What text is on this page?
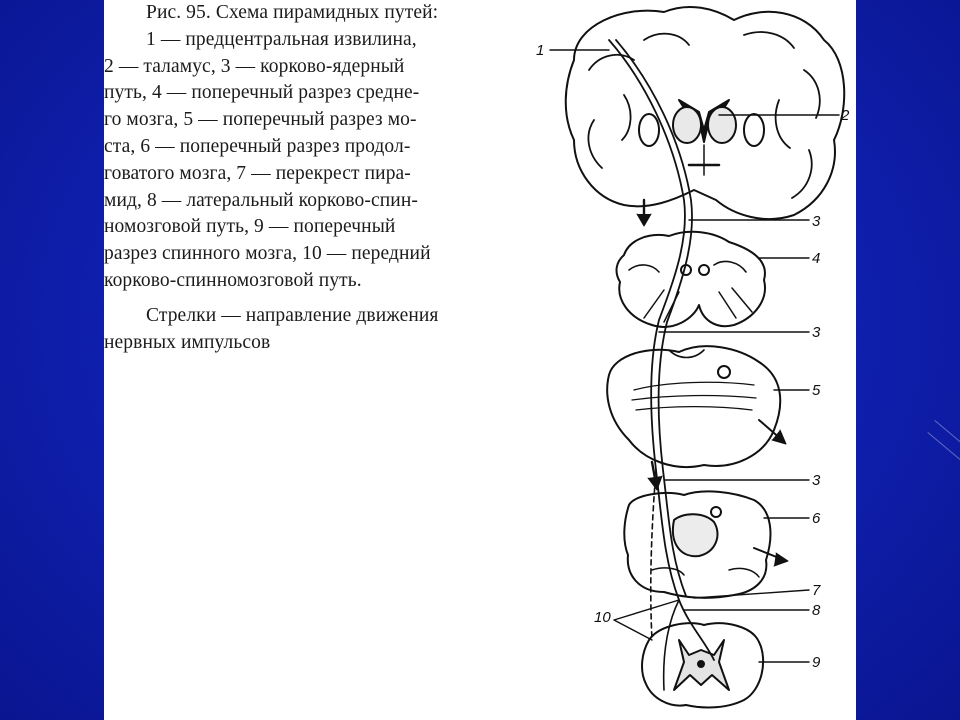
Рис. 95. Схема пирамидных путей:
1 — предцентральная извилина,
2 — таламус, 3 — корково-ядерный
путь, 4 — поперечный разрез средне-
го мозга, 5 — поперечный разрез мо-
ста, 6 — поперечный разрез продол-
говатого мозга, 7 — перекрест пира-
мид, 8 — латеральный корково-спин-
номозговой путь, 9 — поперечный
разрез спинного мозга, 10 — передний
корково-спинномозговой путь.
Стрелки — направление движения
нервных импульсов
1
2
3
4
3
5
3
6
7
8
9
10
